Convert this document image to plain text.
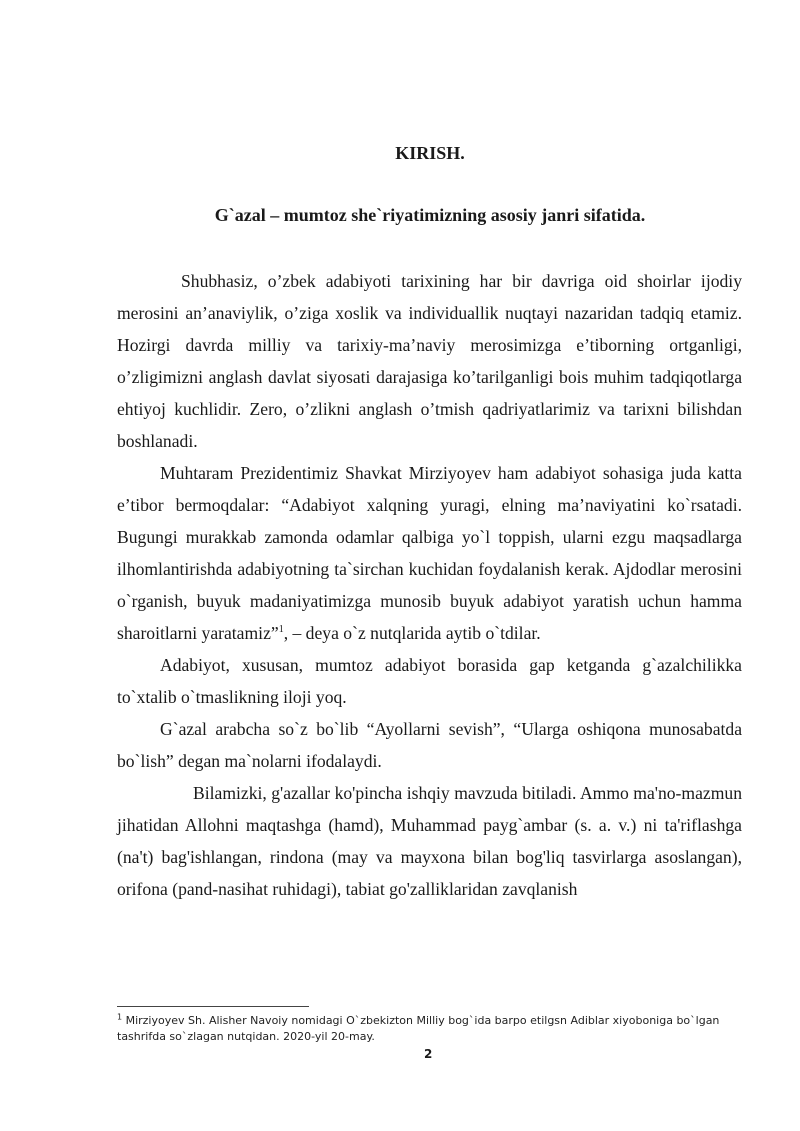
KIRISH.
G`azal – mumtoz she`riyatimizning asosiy janri sifatida.

Shubhasiz, o’zbek adabiyoti tarixining har bir davriga oid shoirlar ijodiy merosini an’anaviylik, o’ziga xoslik va individuallik nuqtayi nazaridan tadqiq etamiz. Hozirgi davrda milliy va tarixiy-ma’naviy merosimizga e’tiborning ortganligi, o’zligimizni anglash davlat siyosati darajasiga ko’tarilganligi bois muhim tadqiqotlarga ehtiyoj kuchlidir. Zero, o’zlikni anglash o’tmish qadriyatlarimiz va tarixni bilishdan boshlanadi.

Muhtaram Prezidentimiz Shavkat Mirziyoyev ham adabiyot sohasiga juda katta e’tibor bermoqdalar: “Adabiyot xalqning yuragi, elning ma’naviyatini ko`rsatadi. Bugungi murakkab zamonda odamlar qalbiga yo`l toppish, ularni ezgu maqsadlarga ilhomlantirishda adabiyotning ta`sirchan kuchidan foydalanish kerak. Ajdodlar merosini o`rganish, buyuk madaniyatimizga munosib buyuk adabiyot yaratish uchun hamma sharoitlarni yaratamiz”$^1$, – deya o`z nutqlarida aytib o`tdilar.

Adabiyot, xususan, mumtoz adabiyot borasida gap ketganda g`azalchilikka to`xtalib o`tmaslikning iloji yoq.

G`azal arabcha so`z bo`lib “Ayollarni sevish”, “Ularga oshiqona munosabatda bo`lish” degan ma`nolarni ifodalaydi.

Bilamizki, g'azallar ko'pincha ishqiy mavzuda bitiladi. Ammo ma'no-mazmun jihatidan Allohni maqtashga (hamd), Muhammad payg`ambar (s. a. v.) ni ta'riflashga (na't) bag'ishlangan, rindona (may va mayxona bilan bog'liq tasvirlarga asoslangan), orifona (pand-nasihat ruhidagi), tabiat go'zalliklaridan zavqlanish

$^1$ Mirziyoyev Sh. Alisher Navoiy nomidagi O`zbekizton Milliy bog`ida barpo etilgsn Adiblar xiyoboniga bo`lgan tashrifda so`zlagan nutqidan. 2020-yil 20-may.
2
